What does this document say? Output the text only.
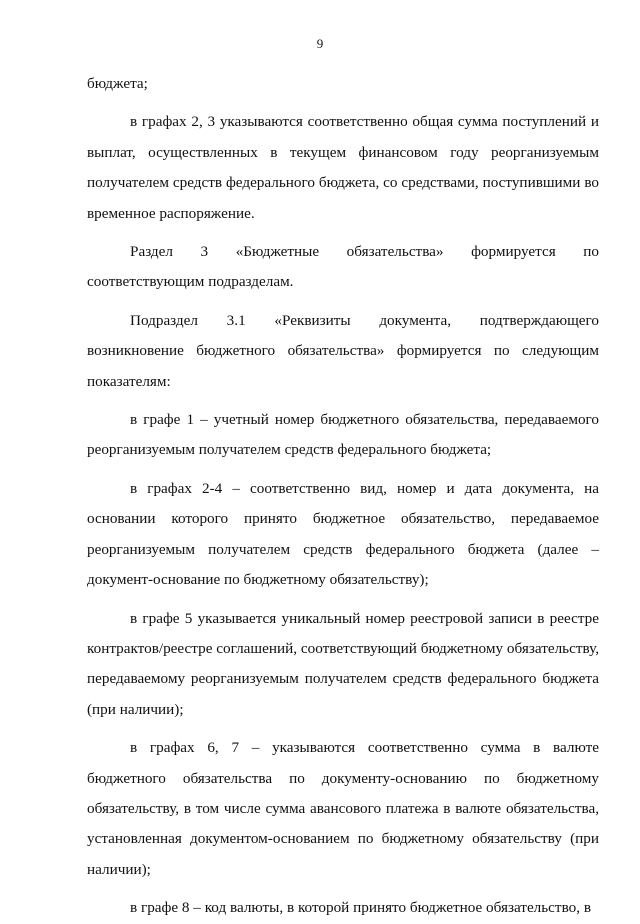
9

бюджета;

в графах 2, 3 указываются соответственно общая сумма поступлений и выплат, осуществленных в текущем финансовом году реорганизуемым получателем средств федерального бюджета, со средствами, поступившими во временное распоряжение.

Раздел 3 «Бюджетные обязательства» формируется по соответствующим подразделам.

Подраздел 3.1 «Реквизиты документа, подтверждающего возникновение бюджетного обязательства» формируется по следующим показателям:

в графе 1 – учетный номер бюджетного обязательства, передаваемого реорганизуемым получателем средств федерального бюджета;

в графах 2-4 – соответственно вид, номер и дата документа, на основании которого принято бюджетное обязательство, передаваемое реорганизуемым получателем средств федерального бюджета (далее – документ-основание по бюджетному обязательству);

в графе 5 указывается уникальный номер реестровой записи в реестре контрактов/реестре соглашений, соответствующий бюджетному обязательству, передаваемому реорганизуемым получателем средств федерального бюджета (при наличии);

в графах 6, 7 – указываются соответственно сумма в валюте бюджетного обязательства по документу-основанию по бюджетному обязательству, в том числе сумма авансового платежа в валюте обязательства, установленная документом-основанием по бюджетному обязательству (при наличии);

в графе 8 – код валюты, в которой принято бюджетное обязательство, в
